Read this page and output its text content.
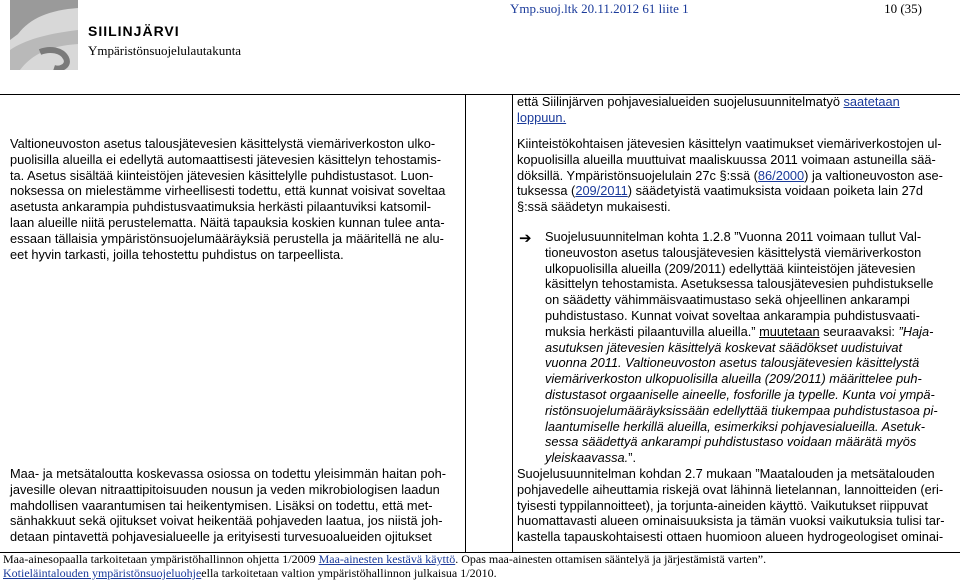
SIILINJÄRVI
Ympäristönsuojelulautakunta
Ymp.suoj.ltk 20.11.2012 61 liite 1	10 (35)
Valtioneuvoston asetus talousjätevesien käsittelystä viemäriverkoston ulko-
puolisilla alueilla ei edellytä automaattisesti jätevesien käsittelyn tehostamis-
ta. Asetus sisältää kiinteistöjen jätevesien käsittelylle puhdistustasot. Luon-
noksessa on mielestämme virheellisesti todettu, että kunnat voisivat soveltaa
asetusta ankarampia puhdistusvaatimuksia herkästi pilaantuviksi katsomil-
laan alueille niitä perustelematta. Näitä tapauksia koskien kunnan tulee anta-
essaan tällaisia ympäristönsuojelumääräyksiä perustella ja määritellä ne alu-
eet hyvin tarkasti, joilla tehostettu puhdistus on tarpeellista.
Maa- ja metsätaloutta koskevassa osiossa on todettu yleisimmän haitan poh-
javesille olevan nitraattipitoisuuden nousun ja veden mikrobiologisen laadun
mahdollisen vaarantumisen tai heikentymisen. Lisäksi on todettu, että met-
sänhakkuut sekä ojitukset voivat heikentää pohjaveden laatua, jos niistä joh-
detaan pintavettä pohjavesialueelle ja erityisesti turvesuoalueiden ojitukset
että Siilinjärven pohjavesialueiden suojelusuunnitelmatyö saatetaan
loppuun.
Kiinteistökohtaisen jätevesien käsittelyn vaatimukset viemäriverkostojen ul-
kopuolisilla alueilla muuttuivat maaliskuussa 2011 voimaan astuneilla sää-
döksillä. Ympäristönsuojelulain 27c §:ssä (86/2000) ja valtioneuvoston ase-
tuksessa (209/2011) säädetyistä vaatimuksista voidaan poiketa lain 27d
§:ssä säädetyn mukaisesti.
➔ Suojelusuunnitelman kohta 1.2.8 ”Vuonna 2011 voimaan tullut Val-
tioneuvoston asetus talousjätevesien käsittelystä viemäriverkoston
ulkopuolisilla alueilla (209/2011) edellyttää kiinteistöjen jätevesien
käsittelyn tehostamista. Asetuksessa talousjätevesien puhdistukselle
on säädetty vähimmäisvaatimustaso sekä ohjeellinen ankarampi
puhdistustaso. Kunnat voivat soveltaa ankarampia puhdistusvaati-
muksia herkästi pilaantuvilla alueilla.” muutetaan seuraavaksi: ”Haja-
asutuksen jätevesien käsittelyä koskevat säädökset uudistuivat
vuonna 2011. Valtioneuvoston asetus talousjätevesien käsittelystä
viemäriverkoston ulkopuolisilla alueilla (209/2011) määrittelee puh-
distustasot orgaaniselle aineelle, fosforille ja typelle. Kunta voi ympä-
ristönsuojelumääräyksissään edellyttää tiukempaa puhdistustasoa pi-
laantumiselle herkillä alueilla, esimerkiksi pohjavesialueilla. Asetuk-
sessa säädettyä ankarampi puhdistustaso voidaan määrätä myös
yleiskaavassa.”.
Suojelusuunnitelman kohdan 2.7 mukaan ”Maatalouden ja metsätalouden
pohjavedelle aiheuttamia riskejä ovat lähinnä lietelannan, lannoitteiden (eri-
tyisesti typpilannoitteet), ja torjunta-aineiden käyttö. Vaikutukset riippuvat
huomattavasti alueen ominaisuuksista ja tämän vuoksi vaikutuksia tulisi tar-
kastella tapauskohtaisesti ottaen huomioon alueen hydrogeologiset ominai-
Maa-ainesopaalla tarkoitetaan ympäristöhallinnon ohjetta 1/2009 Maa-ainesten kestävä käyttö. Opas maa-ainesten ottamisen sääntelyä ja järjestämistä varten”.
Kotieläintalouden ympäristönsuojeluohjeella tarkoitetaan valtion ympäristöhallinnon julkaisua 1/2010.
